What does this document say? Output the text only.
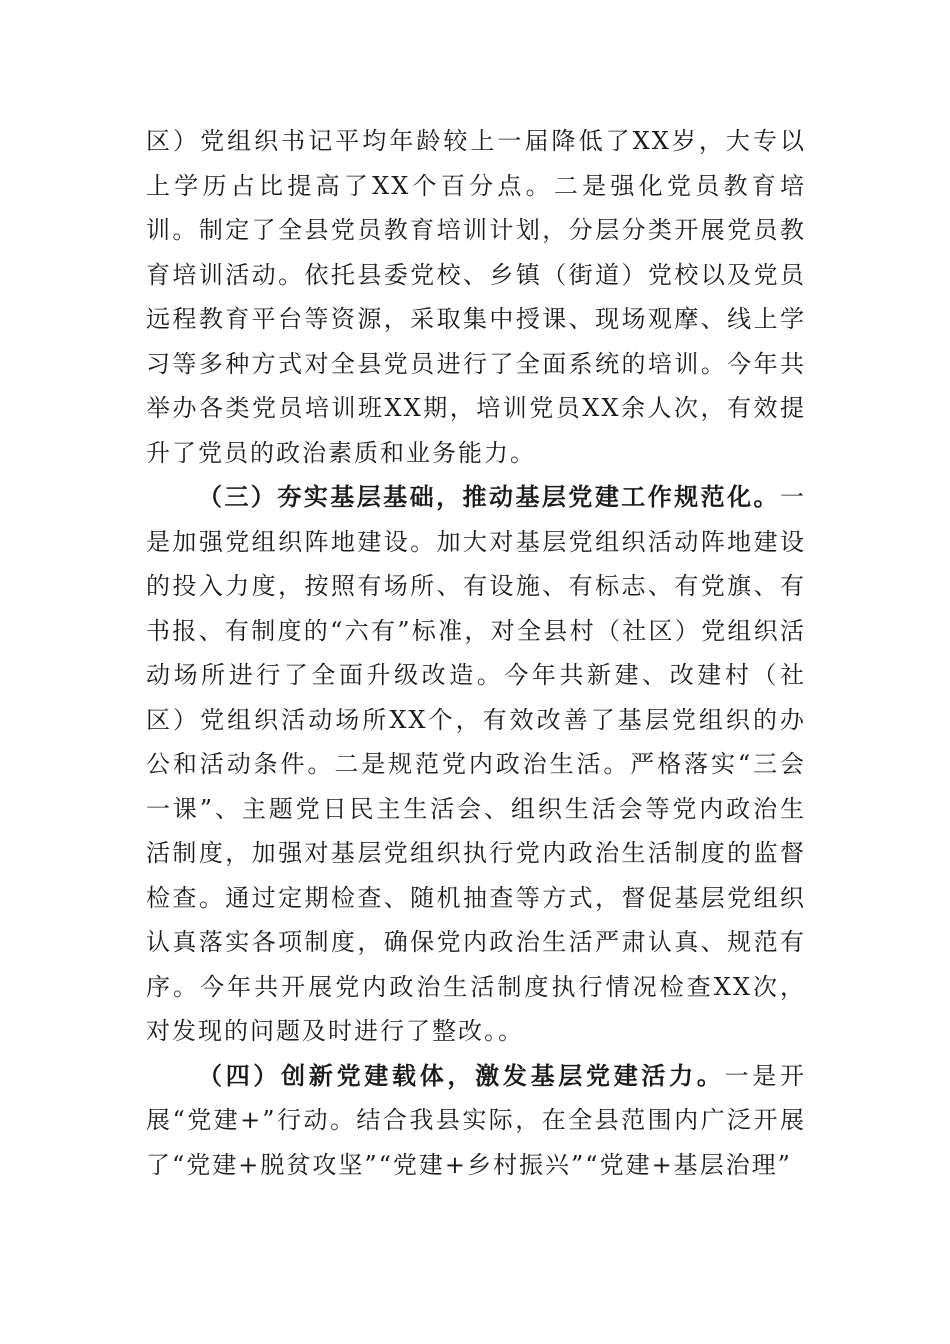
区）党组织书记平均年龄较上一届降低了XX岁，大专以上学历占比提高了XX个百分点。二是强化党员教育培训。制定了全县党员教育培训计划，分层分类开展党员教育培训活动。依托县委党校、乡镇（街道）党校以及党员远程教育平台等资源，采取集中授课、现场观摩、线上学习等多种方式对全县党员进行了全面系统的培训。今年共举办各类党员培训班XX期，培训党员XX余人次，有效提升了党员的政治素质和业务能力。

（三）夯实基层基础，推动基层党建工作规范化。一是加强党组织阵地建设。加大对基层党组织活动阵地建设的投入力度，按照有场所、有设施、有标志、有党旗、有书报、有制度的“六有”标准，对全县村（社区）党组织活动场所进行了全面升级改造。今年共新建、改建村（社区）党组织活动场所XX个，有效改善了基层党组织的办公和活动条件。二是规范党内政治生活。严格落实“三会一课”、主题党日民主生活会、组织生活会等党内政治生活制度，加强对基层党组织执行党内政治生活制度的监督检查。通过定期检查、随机抽查等方式，督促基层党组织认真落实各项制度，确保党内政治生活严肃认真、规范有序。今年共开展党内政治生活制度执行情况检查XX次，对发现的问题及时进行了整改。。

（四）创新党建载体，激发基层党建活力。一是开展“党建+”行动。结合我县实际，在全县范围内广泛开展了“党建+脱贫攻坚”“党建+乡村振兴”“党建+基层治理”
